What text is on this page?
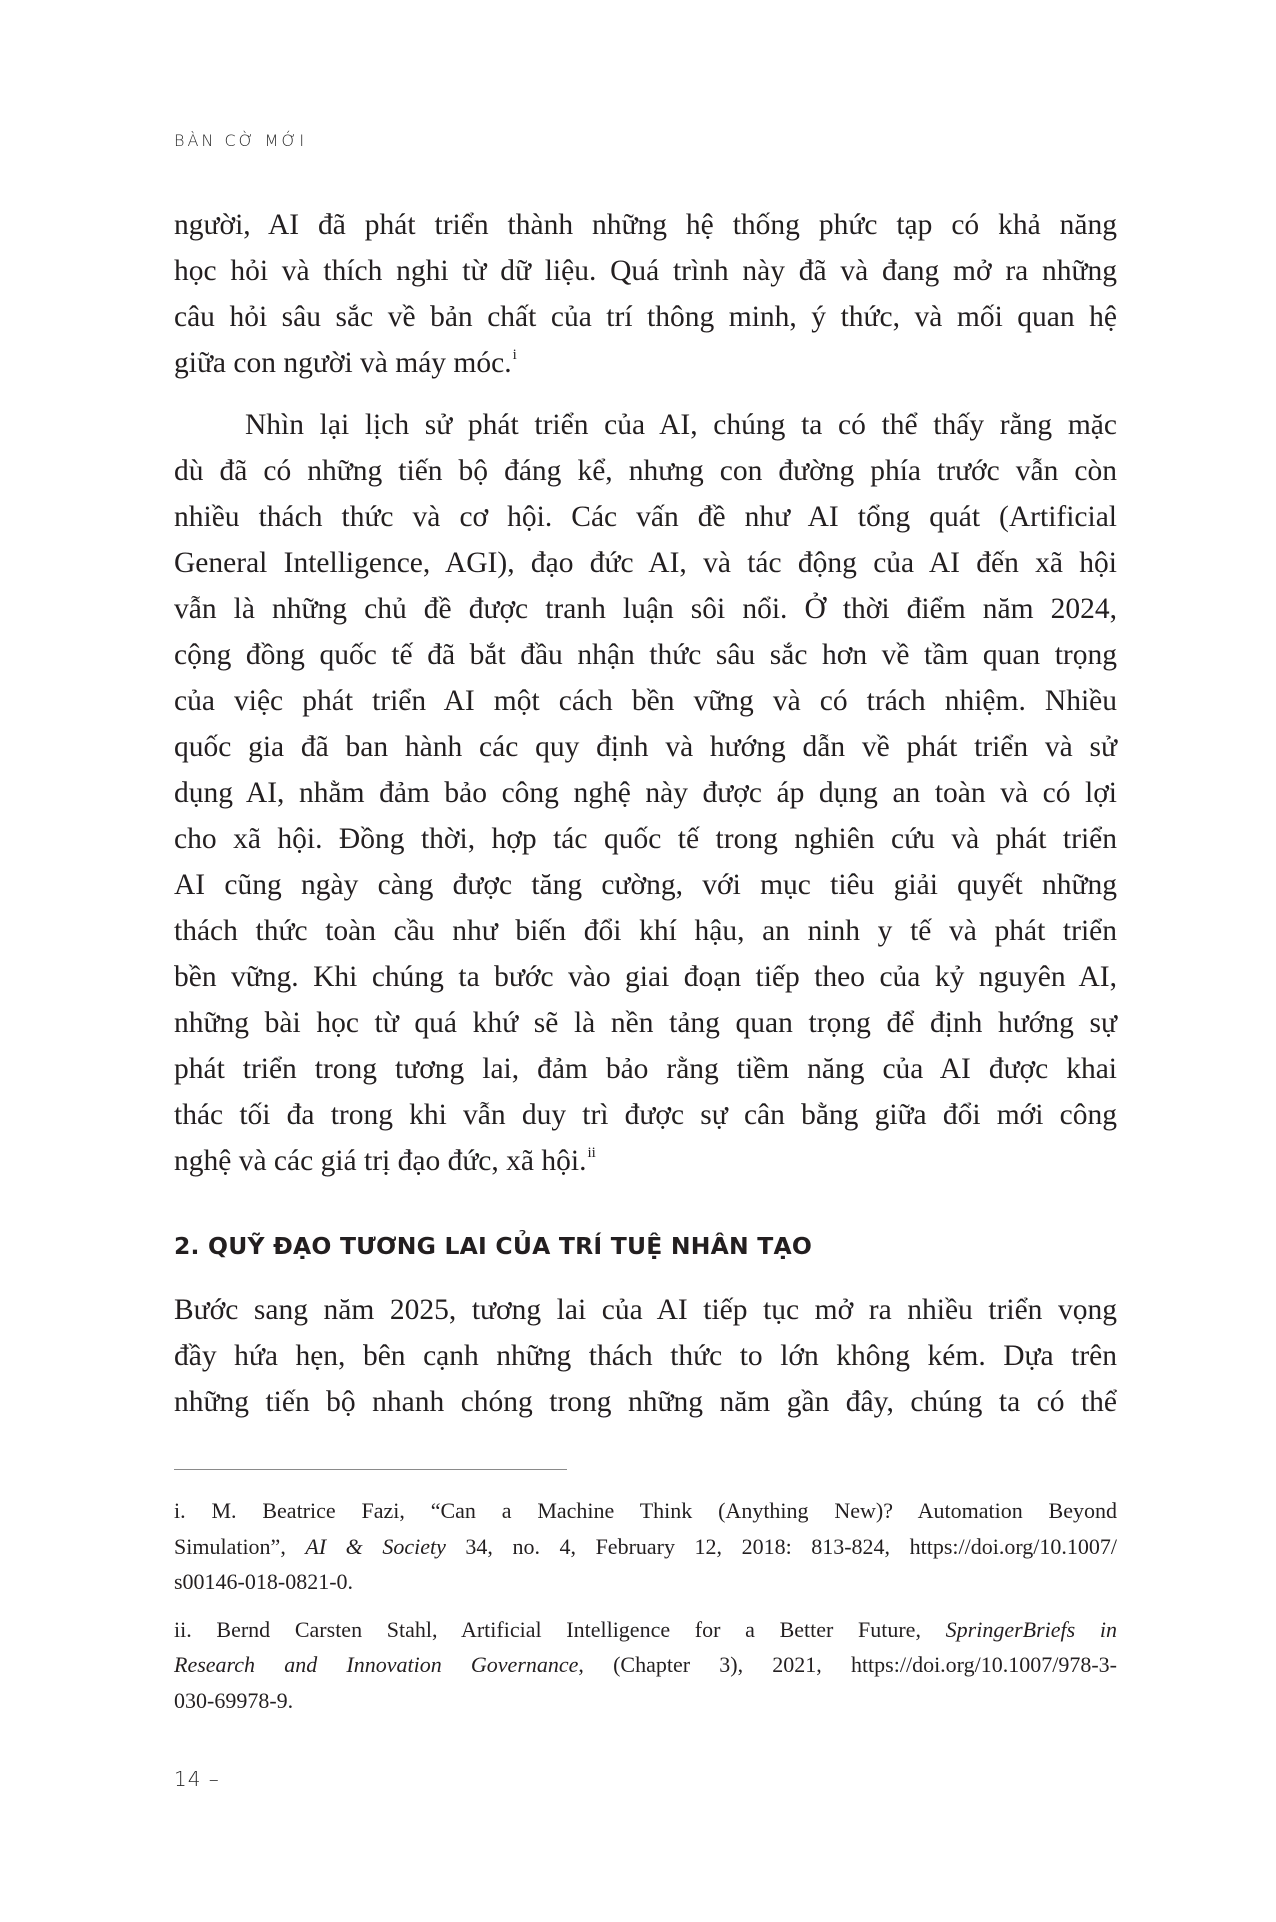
BÀN CỜ MỚI
người, AI đã phát triển thành những hệ thống phức tạp có khả năng
học hỏi và thích nghi từ dữ liệu. Quá trình này đã và đang mở ra những
câu hỏi sâu sắc về bản chất của trí thông minh, ý thức, và mối quan hệ
giữa con người và máy móc.$^i$
Nhìn lại lịch sử phát triển của AI, chúng ta có thể thấy rằng mặc
dù đã có những tiến bộ đáng kể, nhưng con đường phía trước vẫn còn
nhiều thách thức và cơ hội. Các vấn đề như AI tổng quát (Artificial
General Intelligence, AGI), đạo đức AI, và tác động của AI đến xã hội
vẫn là những chủ đề được tranh luận sôi nổi. Ở thời điểm năm 2024,
cộng đồng quốc tế đã bắt đầu nhận thức sâu sắc hơn về tầm quan trọng
của việc phát triển AI một cách bền vững và có trách nhiệm. Nhiều
quốc gia đã ban hành các quy định và hướng dẫn về phát triển và sử
dụng AI, nhằm đảm bảo công nghệ này được áp dụng an toàn và có lợi
cho xã hội. Đồng thời, hợp tác quốc tế trong nghiên cứu và phát triển
AI cũng ngày càng được tăng cường, với mục tiêu giải quyết những
thách thức toàn cầu như biến đổi khí hậu, an ninh y tế và phát triển
bền vững. Khi chúng ta bước vào giai đoạn tiếp theo của kỷ nguyên AI,
những bài học từ quá khứ sẽ là nền tảng quan trọng để định hướng sự
phát triển trong tương lai, đảm bảo rằng tiềm năng của AI được khai
thác tối đa trong khi vẫn duy trì được sự cân bằng giữa đổi mới công
nghệ và các giá trị đạo đức, xã hội.$^{ii}$
2. QUỸ ĐẠO TƯƠNG LAI CỦA TRÍ TUỆ NHÂN TẠO
Bước sang năm 2025, tương lai của AI tiếp tục mở ra nhiều triển vọng
đầy hứa hẹn, bên cạnh những thách thức to lớn không kém. Dựa trên
những tiến bộ nhanh chóng trong những năm gần đây, chúng ta có thể
i. M. Beatrice Fazi, “Can a Machine Think (Anything New)? Automation Beyond
Simulation”, AI & Society 34, no. 4, February 12, 2018: 813-824, https://doi.org/10.1007/
s00146-018-0821-0.
ii. Bernd Carsten Stahl, Artificial Intelligence for a Better Future, SpringerBriefs in
Research and Innovation Governance, (Chapter 3), 2021, https://doi.org/10.1007/978-3-
030-69978-9.
14 –
